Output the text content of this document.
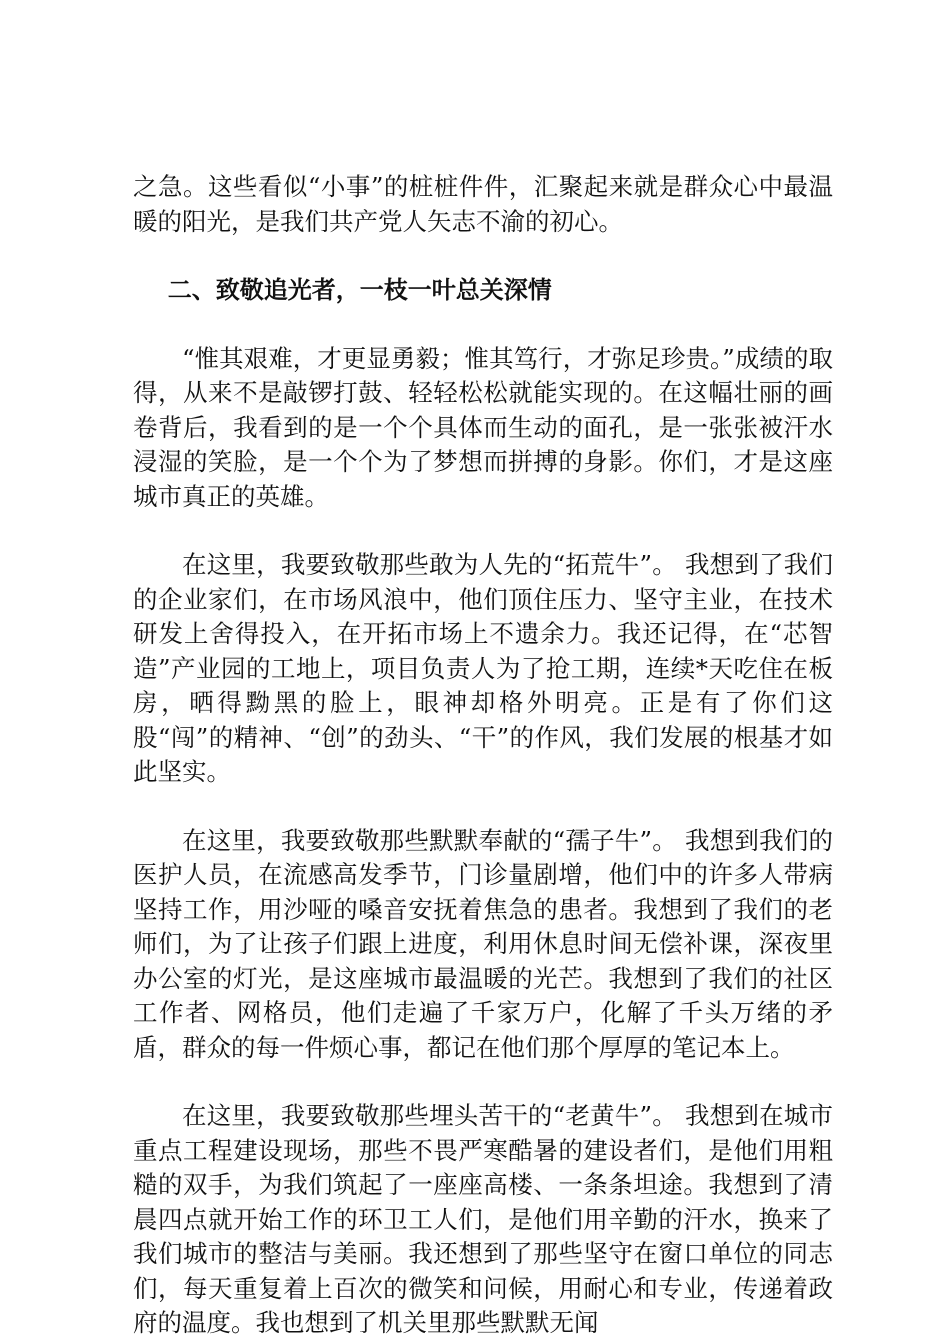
之急。这些看似“小事”的桩桩件件，汇聚起来就是群众心中最温暖的阳光，是我们共产党人矢志不渝的初心。

二、致敬追光者，一枝一叶总关深情

“惟其艰难，才更显勇毅；惟其笃行，才弥足珍贵。”成绩的取得，从来不是敲锣打鼓、轻轻松松就能实现的。在这幅壮丽的画卷背后，我看到的是一个个具体而生动的面孔，是一张张被汗水浸湿的笑脸，是一个个为了梦想而拼搏的身影。你们，才是这座城市真正的英雄。

在这里，我要致敬那些敢为人先的“拓荒牛”。 我想到了我们的企业家们，在市场风浪中，他们顶住压力、坚守主业，在技术研发上舍得投入，在开拓市场上不遗余力。我还记得，在“芯智造”产业园的工地上，项目负责人为了抢工期，连续*天吃住在板房，晒得黝黑的脸上，眼神却格外明亮。正是有了你们这股“闯”的精神、“创”的劲头、“干”的作风，我们发展的根基才如此坚实。

在这里，我要致敬那些默默奉献的“孺子牛”。 我想到我们的医护人员，在流感高发季节，门诊量剧增，他们中的许多人带病坚持工作，用沙哑的嗓音安抚着焦急的患者。我想到了我们的老师们，为了让孩子们跟上进度，利用休息时间无偿补课，深夜里办公室的灯光，是这座城市最温暖的光芒。我想到了我们的社区工作者、网格员，他们走遍了千家万户，化解了千头万绪的矛盾，群众的每一件烦心事，都记在他们那个厚厚的笔记本上。

在这里，我要致敬那些埋头苦干的“老黄牛”。 我想到在城市重点工程建设现场，那些不畏严寒酷暑的建设者们，是他们用粗糙的双手，为我们筑起了一座座高楼、一条条坦途。我想到了清晨四点就开始工作的环卫工人们，是他们用辛勤的汗水，换来了我们城市的整洁与美丽。我还想到了那些坚守在窗口单位的同志们，每天重复着上百次的微笑和问候，用耐心和专业，传递着政府的温度。我也想到了机关里那些默默无闻
